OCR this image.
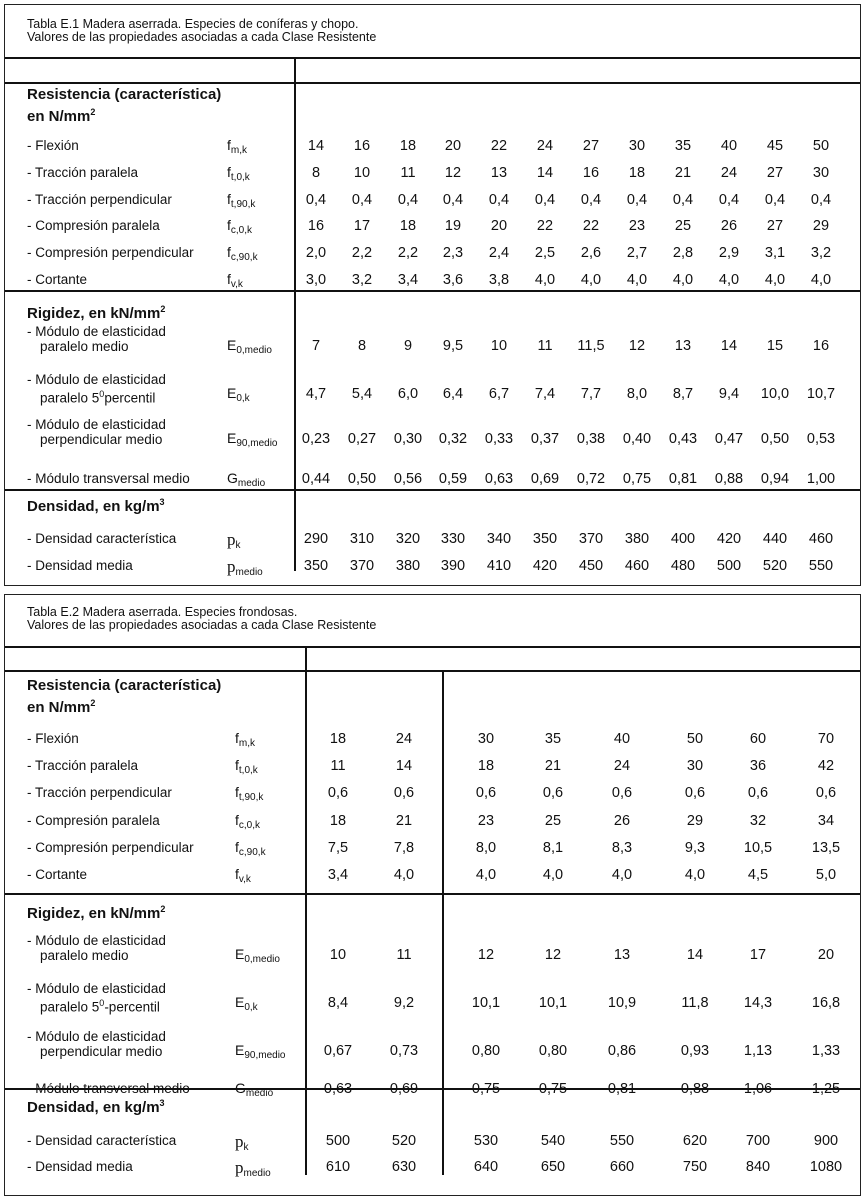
Tabla E.1 Madera aserrada. Especies de coníferas y chopo.
Valores de las propiedades asociadas a cada Clase Resistente
Resistencia (característica)
en $N/mm^2$
- Flexión	$f_{m,k}$	14	16	18	20	22	24	27	30	35	40	45	50
- Tracción paralela	$f_{t,0,k}$	8	10	11	12	13	14	16	18	21	24	27	30
- Tracción perpendicular	$f_{t,90,k}$	0,4	0,4	0,4	0,4	0,4	0,4	0,4	0,4	0,4	0,4	0,4	0,4
- Compresión paralela	$f_{c,0,k}$	16	17	18	19	20	22	22	23	25	26	27	29
- Compresión perpendicular $f_{c,90,k}$	2,0	2,2	2,2	2,3	2,4	2,5	2,6	2,7	2,8	2,9	3,1	3,2
- Cortante	$f_{v,k}$	3,0	3,2	3,4	3,6	3,8	4,0	4,0	4,0	4,0	4,0	4,0	4,0
Rigidez, en $kN/mm^2$
- Módulo de elasticidad
paralelo medio	$E_{0,medio}$	7	8	9	9,5	10	11	11,5	12	13	14	15	16
- Módulo de elasticidad
paralelo $5^0percentil$	$E_{0,k}$	4,7	5,4	6,0	6,4	6,7	7,4	7,7	8,0	8,7	9,4	10,0	10,7
- Módulo de elasticidad
perpendicular medio	$E_{90,medio}$	0,23	0,27	0,30	0,32	0,33	0,37	0,38	0,40	0,43	0,47	0,50	0,53
- Módulo transversal medio	$G_{medio}$	0,44	0,50	0,56	0,59	0,63	0,69	0,72	0,75	0,81	0,88	0,94	1,00
Densidad, en $kg/m^3$
- Densidad característica	$p_k$	290	310	320	330	340	350	370	380	400	420	440	460
- Densidad media	$p_{medio}$	350	370	380	390	410	420	450	460	480	500	520	550
Tabla E.2 Madera aserrada. Especies frondosas.
Valores de las propiedades asociadas a cada Clase Resistente
Resistencia (característica)
en $N/mm^2$
- Flexión	$f_{m,k}$	18	24	30	35	40	50	60	70
- Tracción paralela	$f_{t,0,k}$	11	14	18	21	24	30	36	42
- Tracción perpendicular	$f_{t,90,k}$	0,6	0,6	0,6	0,6	0,6	0,6	0,6	0,6
- Compresión paralela	$f_{c,0,k}$	18	21	23	25	26	29	32	34
- Compresión perpendicular	$f_{c,90,k}$	7,5	7,8	8,0	8,1	8,3	9,3	10,5	13,5
- Cortante	$f_{v,k}$	3,4	4,0	4,0	4,0	4,0	4,0	4,5	5,0
Rigidez, en $kN/mm^2$
- Módulo de elasticidad
paralelo medio	$E_{0,medio}$	10	11	12	12	13	14	17	20
- Módulo de elasticidad
paralelo $5^0$-percentil	$E_{0,k}$	8,4	9,2	10,1	10,1	10,9	11,8	14,3	16,8
- Módulo de elasticidad
perpendicular medio	$E_{90,medio}$	0,67	0,73	0,80	0,80	0,86	0,93	1,13	1,33
- Módulo transversal medio	$G_{medio}$	0,63	0,69	0,75	0,75	0,81	0,88	1,06	1,25
Densidad, en $kg/m^3$
- Densidad característica	$p_k$	500	520	530	540	550	620	700	900
- Densidad media	$p_{medio}$	610	630	640	650	660	750	840	1080
